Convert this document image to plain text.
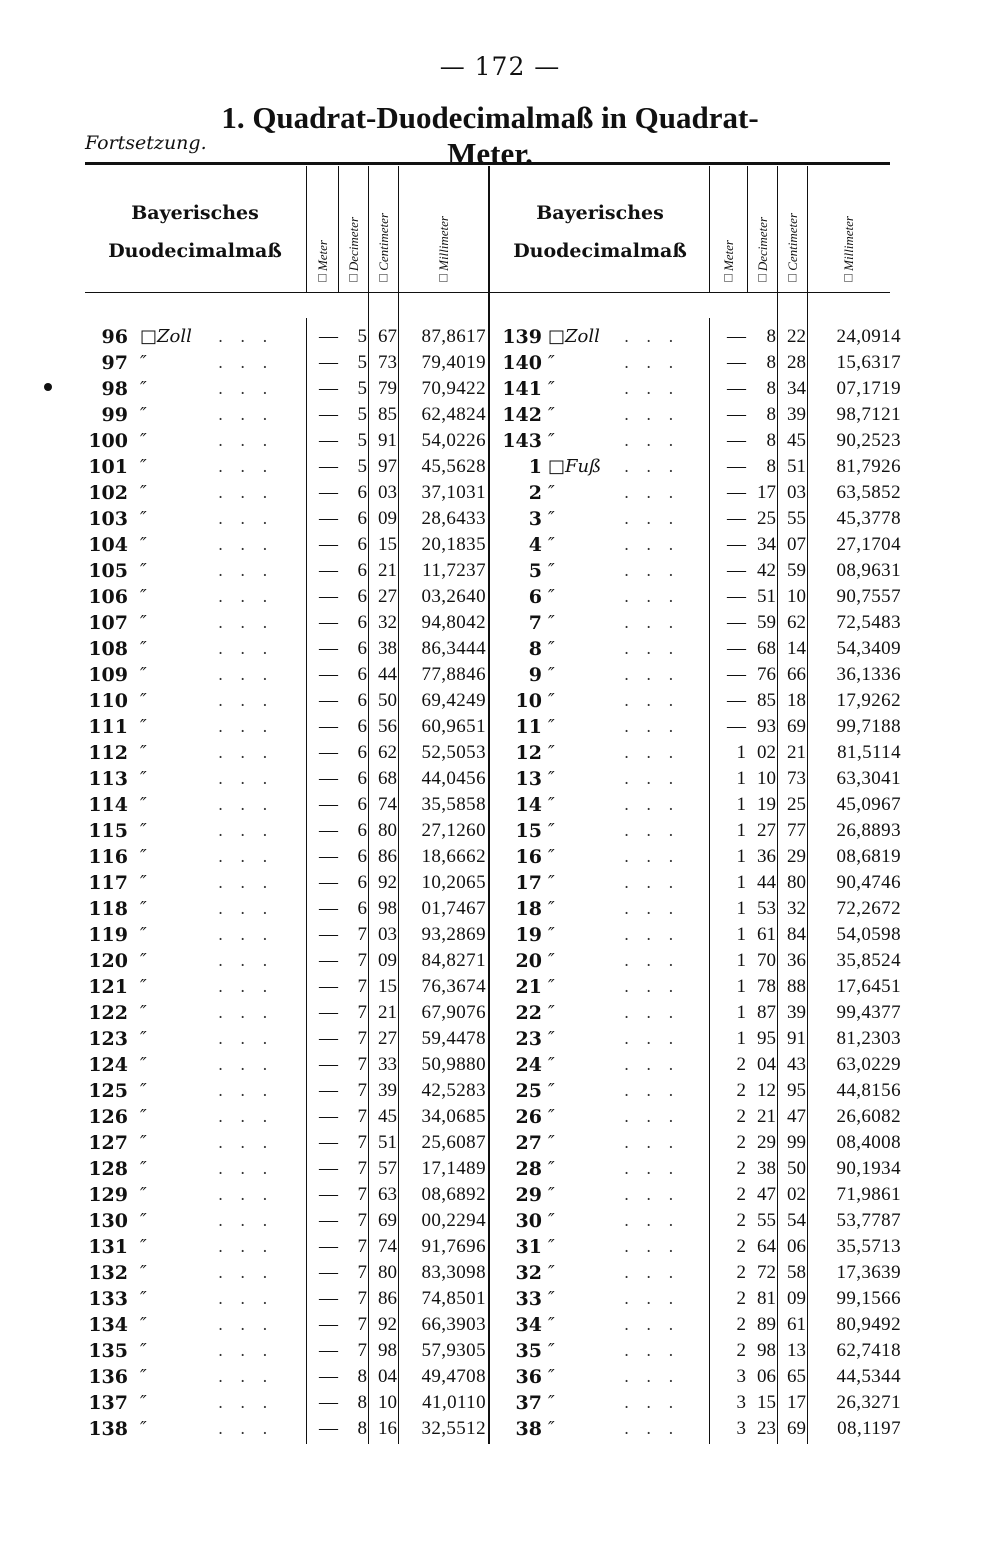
— 172 —
1. Quadrat-Duodecimalmaß in Quadrat-Meter.
Fortsetzung.
Bayerisches
Duodecimalmaß	□Meter □Decimeter □Centimeter	□Millimeter
Bayerisches
Duodecimalmaß	□Meter □Decimeter □Centimeter	□Millimeter
96 □Zoll	. . .	—	5 67	87,8617 139 □Zoll	. . .	—	8 22	24,0914
97 ″	. . .	—	5 73	79,4019 140 ″	. . .	—	8 28	15,6317
98 ″	. . .	—	5 79	70,9422 141 ″	. . .	—	8 34	07,1719
99 ″	. . .	—	5 85	62,4824 142 ″	. . .	—	8 39	98,7121
100 ″	. . .	—	5 91	54,0226 143 ″	. . .	—	8 45	90,2523
101 ″	. . .	—	5 97	45,5628	1 □Fuß	. . .	—	8 51	81,7926
102 ″	. . .	—	6 03	37,1031	2 ″	. . .	— 17 03	63,5852
103 ″	. . .	—	6 09	28,6433	3 ″	. . .	— 25 55	45,3778
104 ″	. . .	—	6 15	20,1835	4 ″	. . .	— 34 07	27,1704
105 ″	. . .	—	6 21	11,7237	5 ″	. . .	— 42 59	08,9631
106 ″	. . .	—	6 27	03,2640	6 ″	. . .	— 51 10	90,7557
107 ″	. . .	—	6 32	94,8042	7 ″	. . .	— 59 62	72,5483
108 ″	. . .	—	6 38	86,3444	8 ″	. . .	— 68 14	54,3409
109 ″	. . .	—	6 44	77,8846	9 ″	. . .	— 76 66	36,1336
110 ″	. . .	—	6 50	69,4249	10 ″	. . .	— 85 18	17,9262
111 ″	. . .	—	6 56	60,9651	11 ″	. . .	— 93 69	99,7188
112 ″	. . .	—	6 62	52,5053	12 ″	. . .	1 02 21	81,5114
113 ″	. . .	—	6 68	44,0456	13 ″	. . .	1 10 73	63,3041
114 ″	. . .	—	6 74	35,5858	14 ″	. . .	1 19 25	45,0967
115 ″	. . .	—	6 80	27,1260	15 ″	. . .	1 27 77	26,8893
116 ″	. . .	—	6 86	18,6662	16 ″	. . .	1 36 29	08,6819
117 ″	. . .	—	6 92	10,2065	17 ″	. . .	1 44 80	90,4746
118 ″	. . .	—	6 98	01,7467	18 ″	. . .	1 53 32	72,2672
119 ″	. . .	—	7 03	93,2869	19 ″	. . .	1 61 84	54,0598
120 ″	. . .	—	7 09	84,8271	20 ″	. . .	1 70 36	35,8524
121 ″	. . .	—	7 15	76,3674	21 ″	. . .	1 78 88	17,6451
122 ″	. . .	—	7 21	67,9076	22 ″	. . .	1 87 39	99,4377
123 ″	. . .	—	7 27	59,4478	23 ″	. . .	1 95 91	81,2303
124 ″	. . .	—	7 33	50,9880	24 ″	. . .	2 04 43	63,0229
125 ″	. . .	—	7 39	42,5283	25 ″	. . .	2 12 95	44,8156
126 ″	. . .	—	7 45	34,0685	26 ″	. . .	2 21 47	26,6082
127 ″	. . .	—	7 51	25,6087	27 ″	. . .	2 29 99	08,4008
128 ″	. . .	—	7 57	17,1489	28 ″	. . .	2 38 50	90,1934
129 ″	. . .	—	7 63	08,6892	29 ″	. . .	2 47 02	71,9861
130 ″	. . .	—	7 69	00,2294	30 ″	. . .	2 55 54	53,7787
131 ″	. . .	—	7 74	91,7696	31 ″	. . .	2 64 06	35,5713
132 ″	. . .	—	7 80	83,3098	32 ″	. . .	2 72 58	17,3639
133 ″	. . .	—	7 86	74,8501	33 ″	. . .	2 81 09	99,1566
134 ″	. . .	—	7 92	66,3903	34 ″	. . .	2 89 61	80,9492
135 ″	. . .	—	7 98	57,9305	35 ″	. . .	2 98 13	62,7418
136 ″	. . .	—	8 04	49,4708	36 ″	. . .	3 06 65	44,5344
137 ″	. . .	—	8 10	41,0110	37 ″	. . .	3 15 17	26,3271
138 ″	. . .	—	8 16	32,5512	38 ″	. . .	3 23 69	08,1197
